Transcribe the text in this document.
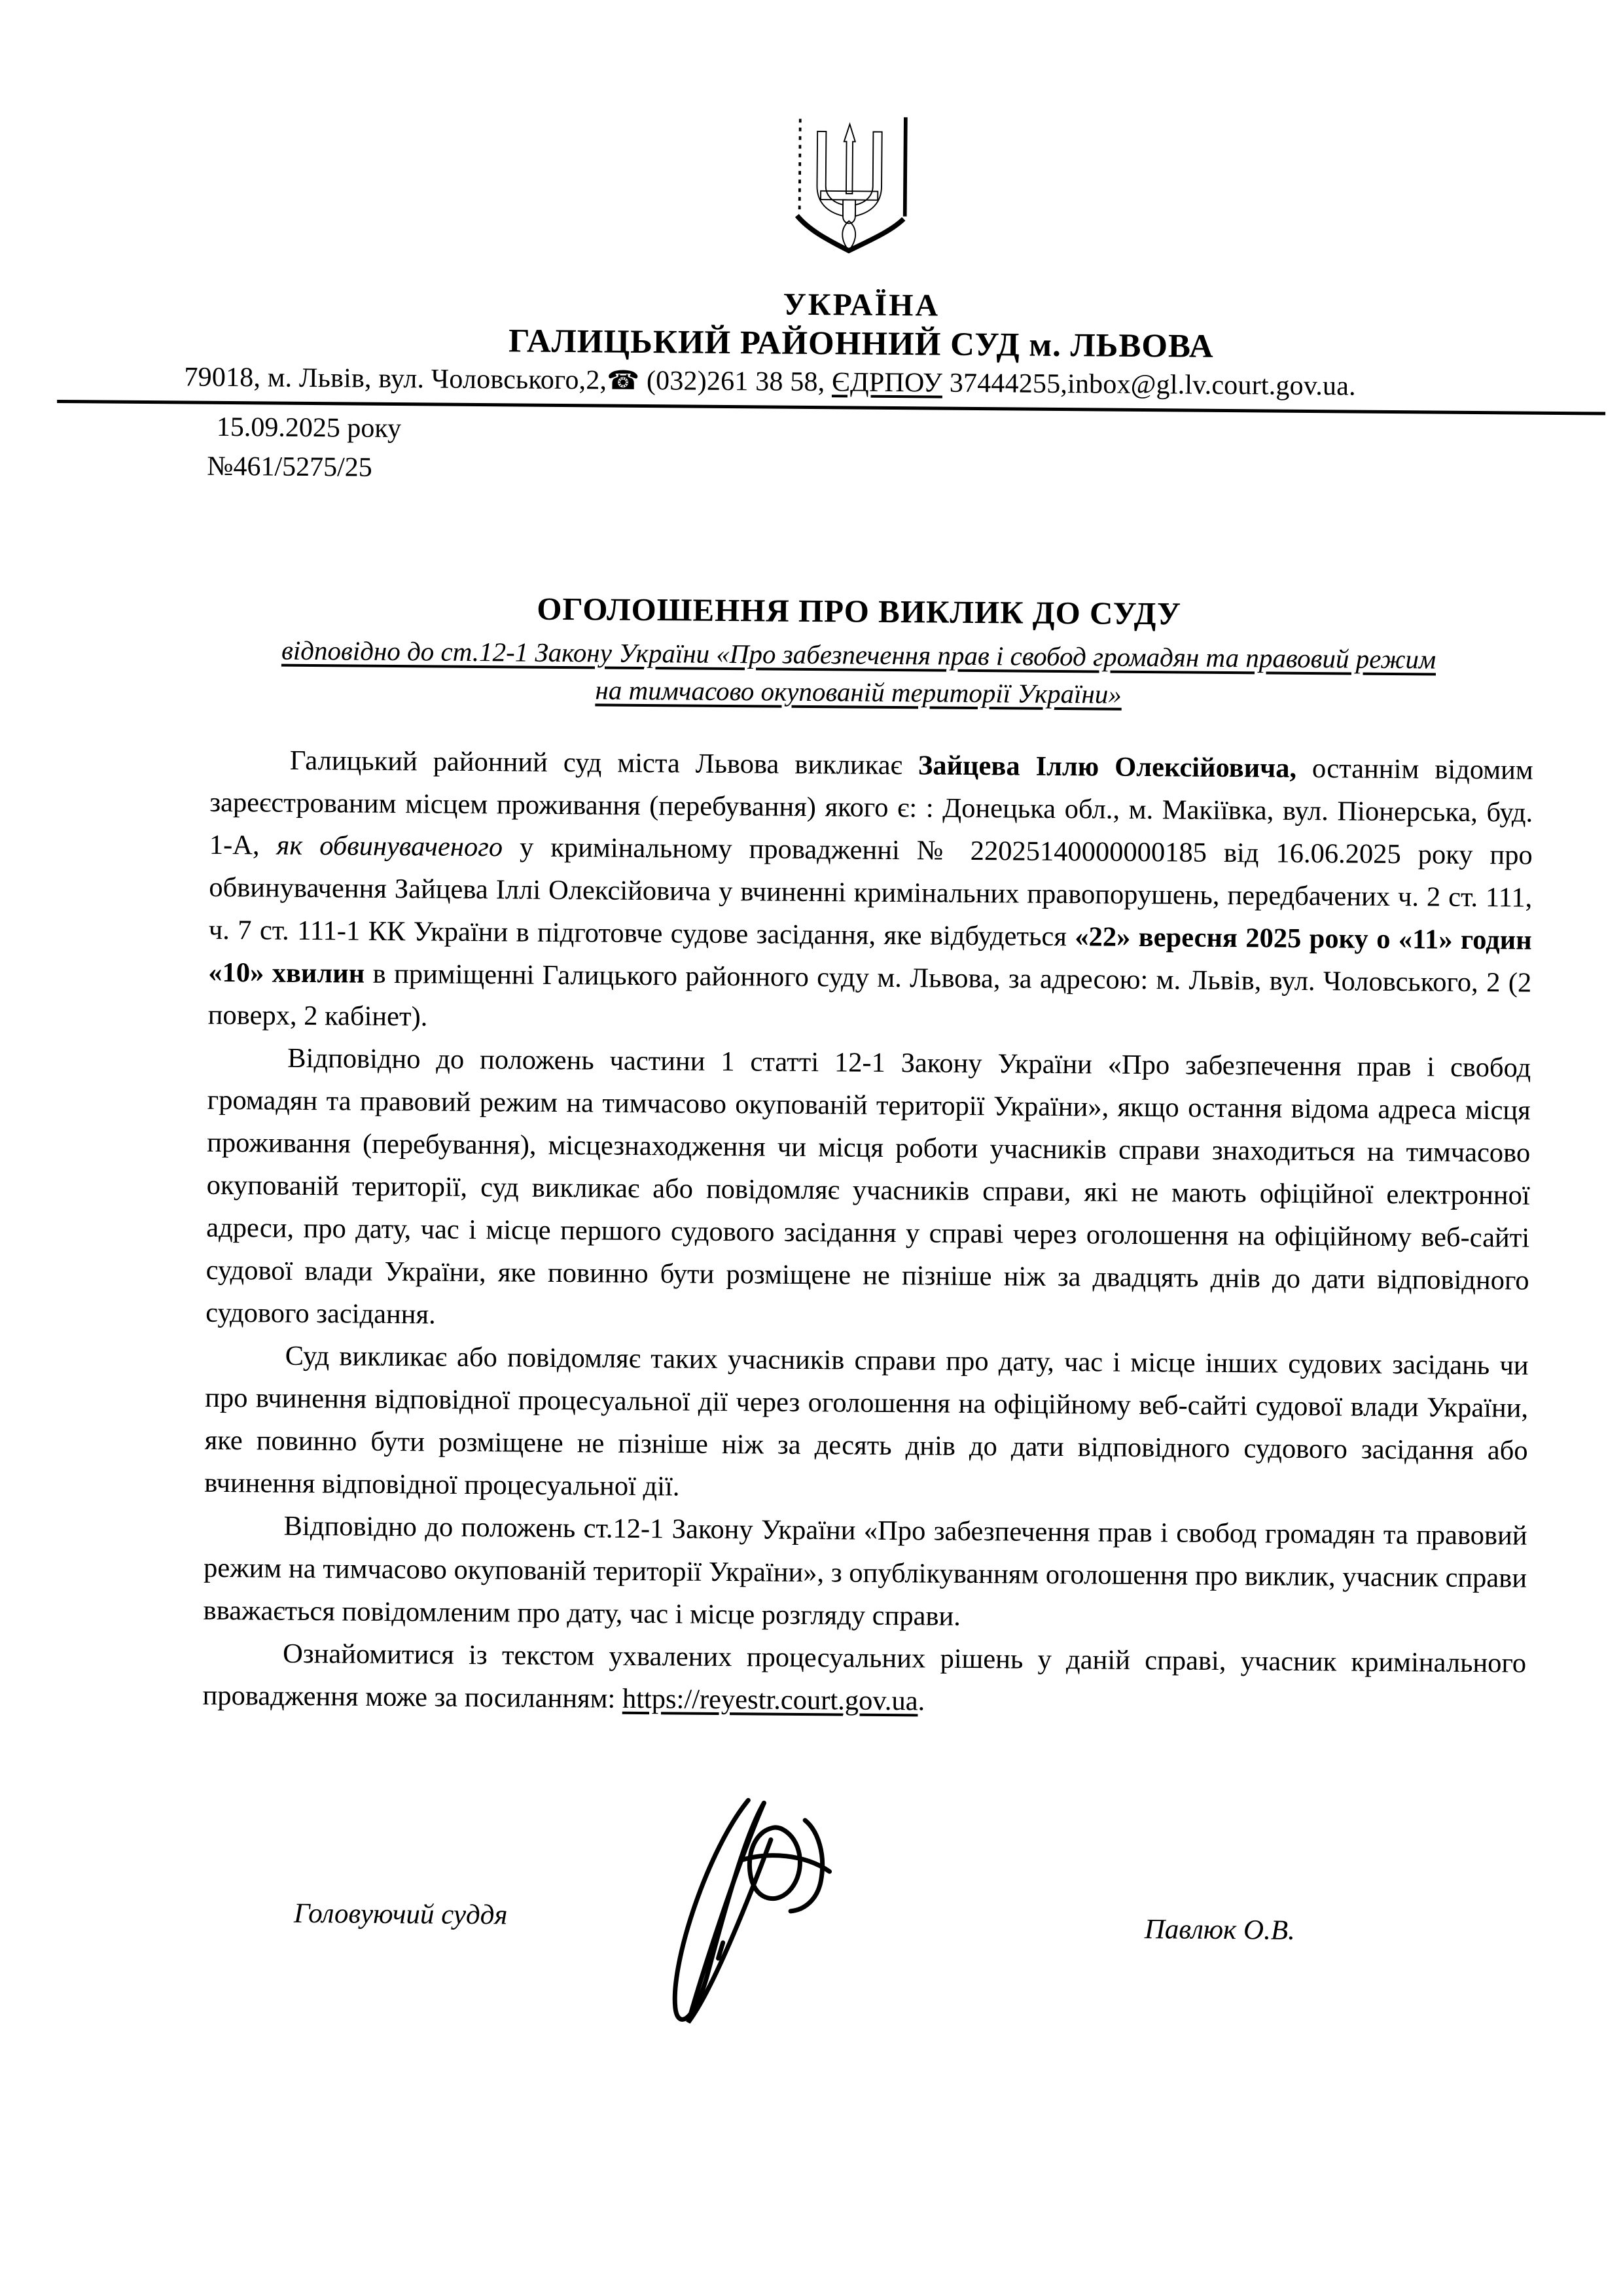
УКРАЇНА
ГАЛИЦЬКИЙ РАЙОННИЙ СУД м. ЛЬВОВА
79018, м. Львів, вул. Чоловського,2,☎ (032)261 38 58, ЄДРПОУ 37444255,inbox@gl.lv.court.gov.ua.
15.09.2025 року
№461/5275/25
ОГОЛОШЕННЯ ПРО ВИКЛИК ДО СУДУ
відповідно до ст.12-1 Закону України «Про забезпечення прав і свобод громадян та правовий режим
на тимчасово окупованій території України»

Галицький районний суд міста Львова викликає Зайцева Іллю Олексійовича, останнім відомим зареєстрованим місцем проживання (перебування) якого є: : Донецька обл., м. Макіївка, вул. Піонерська, буд. 1-А, як обвинуваченого у кримінальному провадженні № 22025140000000185 від 16.06.2025 року про обвинувачення Зайцева Іллі Олексійовича у вчиненні кримінальних правопорушень, передбачених ч. 2 ст. 111, ч. 7 ст. 111-1 КК України в підготовче судове засідання, яке відбудеться «22» вересня 2025 року о «11» годин «10» хвилин в приміщенні Галицького районного суду м. Львова, за адресою: м. Львів, вул. Чоловського, 2 (2 поверх, 2 кабінет).

Відповідно до положень частини 1 статті 12-1 Закону України «Про забезпечення прав і свобод громадян та правовий режим на тимчасово окупованій території України», якщо остання відома адреса місця проживання (перебування), місцезнаходження чи місця роботи учасників справи знаходиться на тимчасово окупованій території, суд викликає або повідомляє учасників справи, які не мають офіційної електронної адреси, про дату, час і місце першого судового засідання у справі через оголошення на офіційному веб-сайті судової влади України, яке повинно бути розміщене не пізніше ніж за двадцять днів до дати відповідного судового засідання.

Суд викликає або повідомляє таких учасників справи про дату, час і місце інших судових засідань чи про вчинення відповідної процесуальної дії через оголошення на офіційному веб-сайті судової влади України, яке повинно бути розміщене не пізніше ніж за десять днів до дати відповідного судового засідання або вчинення відповідної процесуальної дії.

Відповідно до положень ст.12-1 Закону України «Про забезпечення прав і свобод громадян та правовий режим на тимчасово окупованій території України», з опублікуванням оголошення про виклик, учасник справи вважається повідомленим про дату, час і місце розгляду справи.

Ознайомитися із текстом ухвалених процесуальних рішень у даній справі, учасник кримінального провадження може за посиланням: https://reyestr.court.gov.ua.

Головуючий суддя	Павлюк О.В.
